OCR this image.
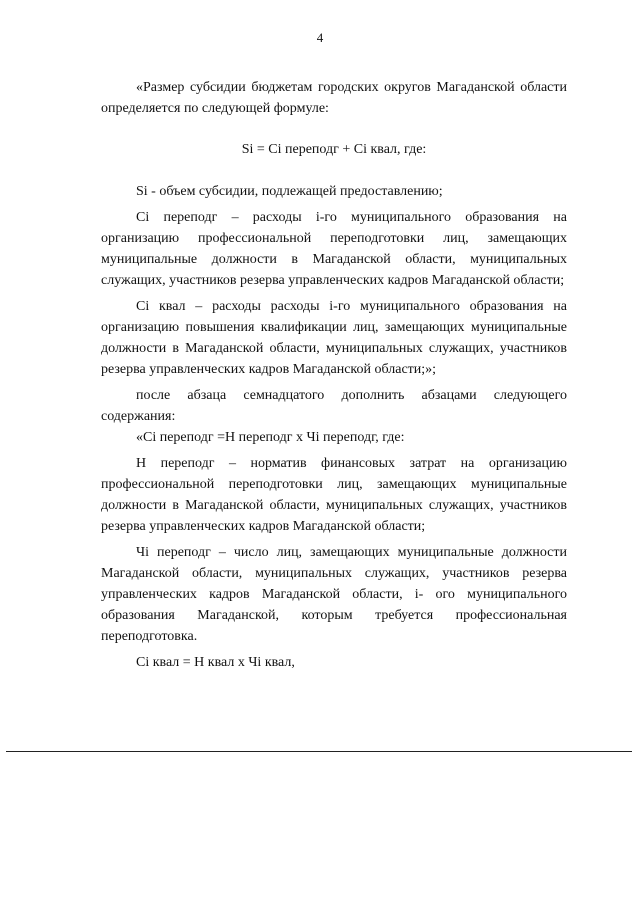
4

«Размер субсидии бюджетам городских округов Магаданской области определяется по следующей формуле:

Si = Ci переподг + Ci квал, где:

Si - объем субсидии, подлежащей предоставлению;

Ci переподг – расходы i-го муниципального образования на организацию профессиональной переподготовки лиц, замещающих муниципальные должности в Магаданской области, муниципальных служащих, участников резерва управленческих кадров Магаданской области;

Ci квал – расходы расходы i-го муниципального образования на организацию повышения квалификации лиц, замещающих муниципальные должности в Магаданской области, муниципальных служащих, участников резерва управленческих кадров Магаданской области;»;

после абзаца семнадцатого дополнить абзацами следующего содержания:

«Ci переподг =Н переподг x Чi переподг, где:

Н переподг – норматив финансовых затрат на организацию профессиональной переподготовки лиц, замещающих муниципальные должности в Магаданской области, муниципальных служащих, участников резерва управленческих кадров Магаданской области;

Чi переподг – число лиц, замещающих муниципальные должности Магаданской области, муниципальных служащих, участников резерва управленческих кадров Магаданской области, i- ого муниципального образования Магаданской, которым требуется профессиональная переподготовка.

Ci квал = Н квал x Чi квал,
